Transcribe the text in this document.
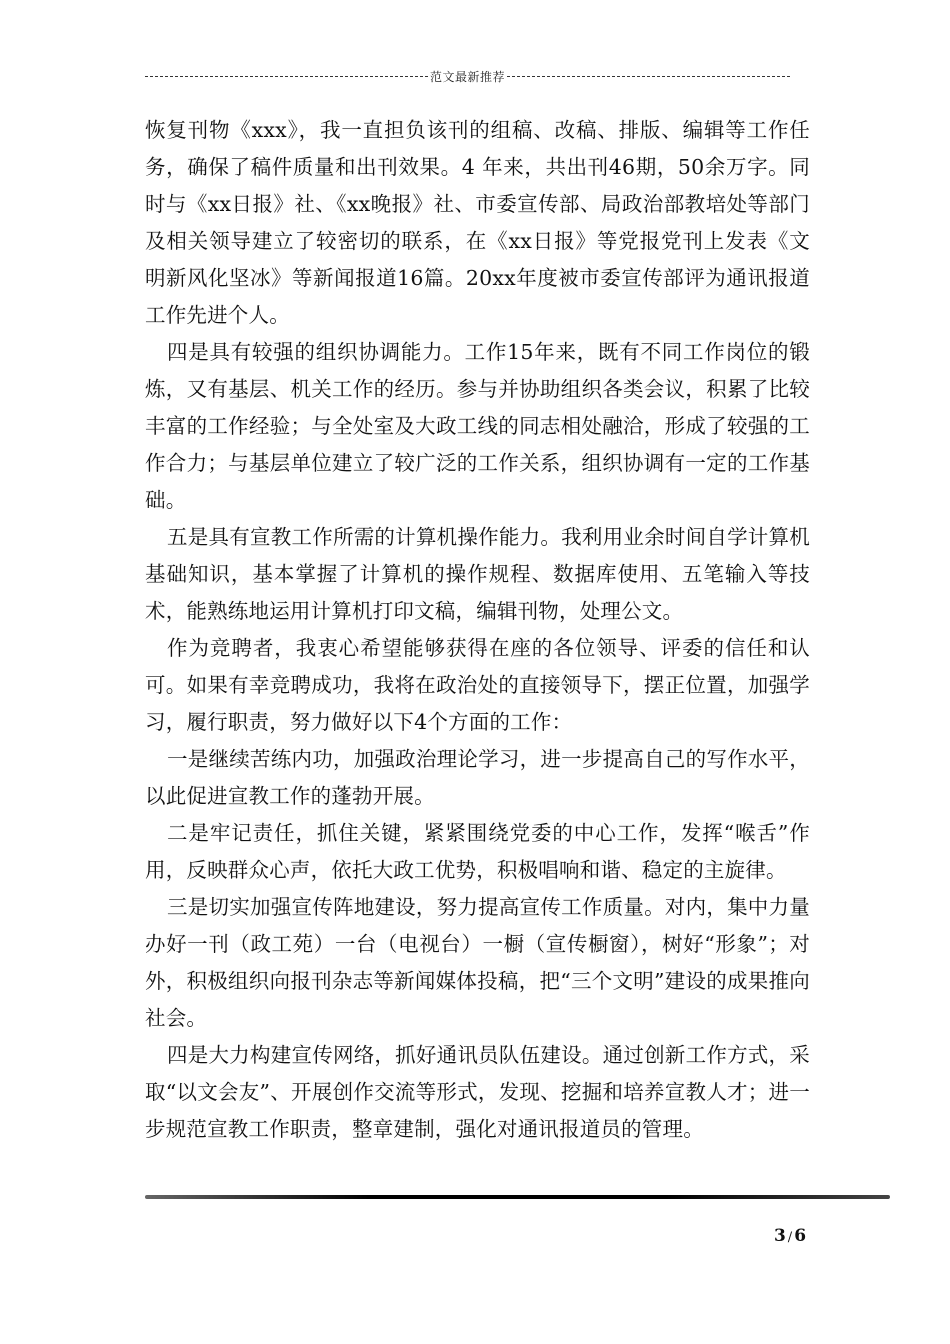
范文最新推荐

恢复刊物《xxx》，我一直担负该刊的组稿、改稿、排版、编辑等工作任务，确保了稿件质量和出刊效果。4 年来，共出刊46期，50余万字。同时与《xx日报》社、《xx晚报》社、市委宣传部、局政治部教培处等部门及相关领导建立了较密切的联系，在《xx日报》等党报党刊上发表《文明新风化坚冰》等新闻报道16篇。20xx年度被市委宣传部评为通讯报道工作先进个人。

四是具有较强的组织协调能力。工作15年来，既有不同工作岗位的锻炼，又有基层、机关工作的经历。参与并协助组织各类会议，积累了比较丰富的工作经验；与全处室及大政工线的同志相处融洽，形成了较强的工作合力；与基层单位建立了较广泛的工作关系，组织协调有一定的工作基础。

五是具有宣教工作所需的计算机操作能力。我利用业余时间自学计算机基础知识，基本掌握了计算机的操作规程、数据库使用、五笔输入等技术，能熟练地运用计算机打印文稿，编辑刊物，处理公文。

作为竞聘者，我衷心希望能够获得在座的各位领导、评委的信任和认可。如果有幸竞聘成功，我将在政治处的直接领导下，摆正位置，加强学习，履行职责，努力做好以下4个方面的工作：

一是继续苦练内功，加强政治理论学习，进一步提高自己的写作水平，以此促进宣教工作的蓬勃开展。

二是牢记责任，抓住关键，紧紧围绕党委的中心工作，发挥“喉舌”作用，反映群众心声，依托大政工优势，积极唱响和谐、稳定的主旋律。

三是切实加强宣传阵地建设，努力提高宣传工作质量。对内，集中力量办好一刊（政工苑）一台（电视台）一橱（宣传橱窗），树好“形象”；对外，积极组织向报刊杂志等新闻媒体投稿，把“三个文明”建设的成果推向社会。

四是大力构建宣传网络，抓好通讯员队伍建设。通过创新工作方式，采取“以文会友”、开展创作交流等形式，发现、挖掘和培养宣教人才；进一步规范宣教工作职责，整章建制，强化对通讯报道员的管理。

3 / 6
